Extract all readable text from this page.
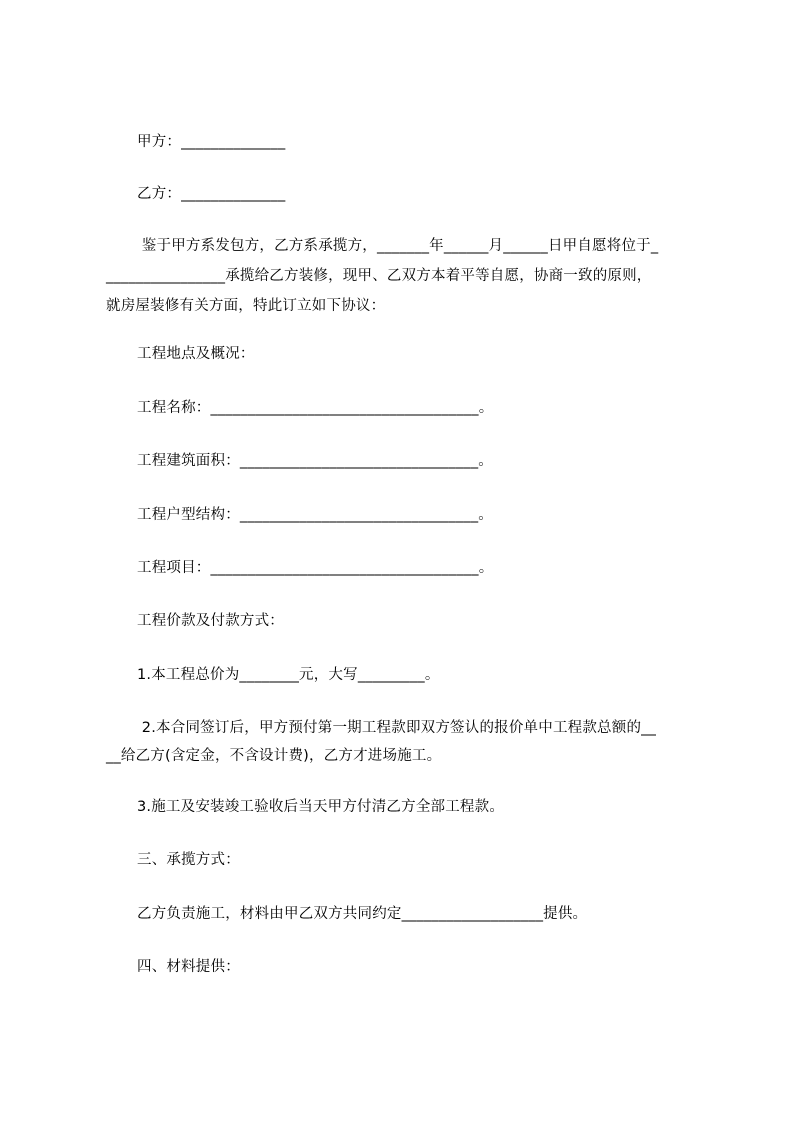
甲方：______________
乙方：______________
鉴于甲方系发包方，乙方系承揽方，_______年______月______日甲自愿将位于_
________________承揽给乙方装修，现甲、乙双方本着平等自愿，协商一致的原则，
就房屋装修有关方面，特此订立如下协议：
工程地点及概况：
工程名称：____________________________________。
工程建筑面积：________________________________。
工程户型结构：________________________________。
工程项目：____________________________________。
工程价款及付款方式：
1.本工程总价为________元，大写_________。
2.本合同签订后，甲方预付第一期工程款即双方签认的报价单中工程款总额的__
__给乙方(含定金，不含设计费)，乙方才进场施工。
3.施工及安装竣工验收后当天甲方付清乙方全部工程款。
三、承揽方式：
乙方负责施工，材料由甲乙双方共同约定___________________提供。
四、材料提供：
